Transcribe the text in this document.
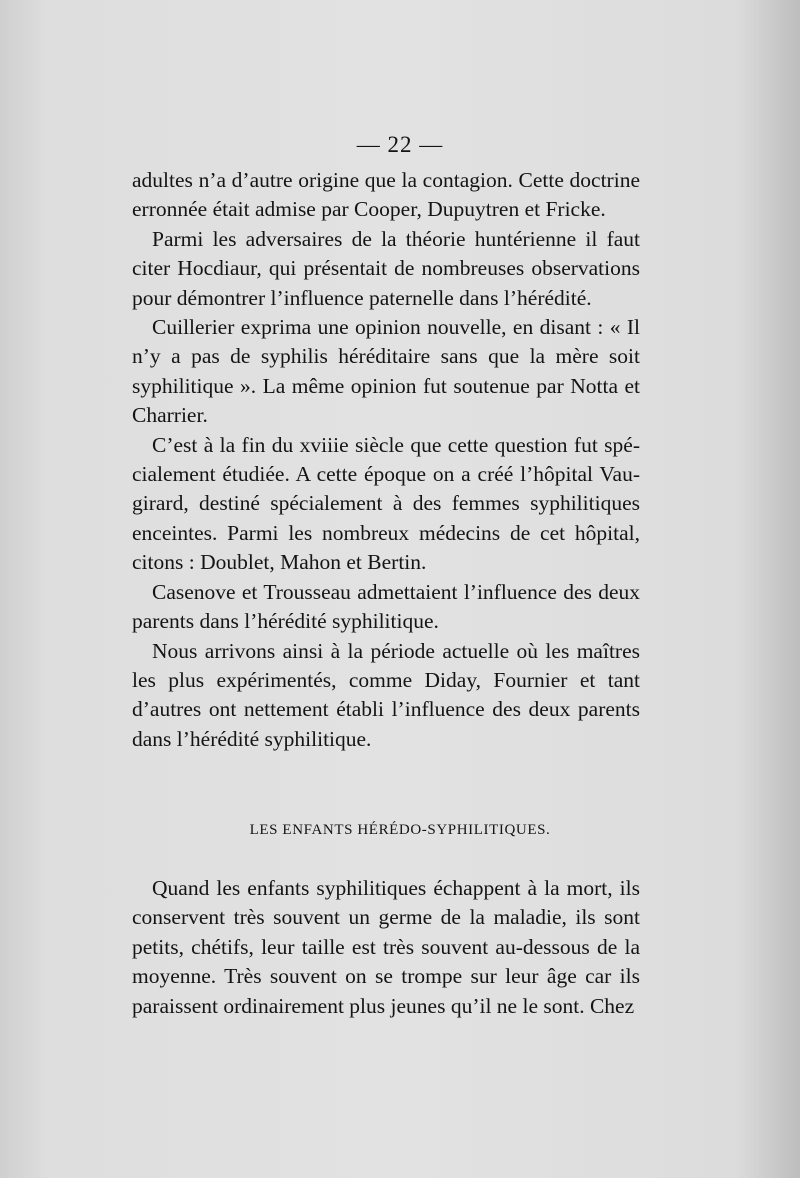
— 22 —

adultes n’a d’autre origine que la contagion. Cette doctrine erronnée était admise par Cooper, Dupuytren et Fricke.

Parmi les adversaires de la théorie huntérienne il faut citer Hocdiaur, qui présentait de nombreuses observations pour démontrer l’influence paternelle dans l’hérédité.

Cuillerier exprima une opinion nouvelle, en disant : « Il n’y a pas de syphilis héréditaire sans que la mère soit syphilitique ». La même opinion fut soutenue par Notta et Charrier.

C’est à la fin du xviiie siècle que cette question fut spécialement étudiée. A cette époque on a créé l’hôpital Vaugirard, destiné spécialement à des femmes syphilitiques enceintes. Parmi les nombreux médecins de cet hôpital, citons : Doublet, Mahon et Bertin.

Casenove et Trousseau admettaient l’influence des deux parents dans l’hérédité syphilitique.

Nous arrivons ainsi à la période actuelle où les maîtres les plus expérimentés, comme Diday, Fournier et tant d’autres ont nettement établi l’influence des deux parents dans l’hérédité syphilitique.

LES ENFANTS HÉRÉDO-SYPHILITIQUES.

Quand les enfants syphilitiques échappent à la mort, ils conservent très souvent un germe de la maladie, ils sont petits, chétifs, leur taille est très souvent au-dessous de la moyenne. Très souvent on se trompe sur leur âge car ils paraissent ordinairement plus jeunes qu’il ne le sont. Chez
